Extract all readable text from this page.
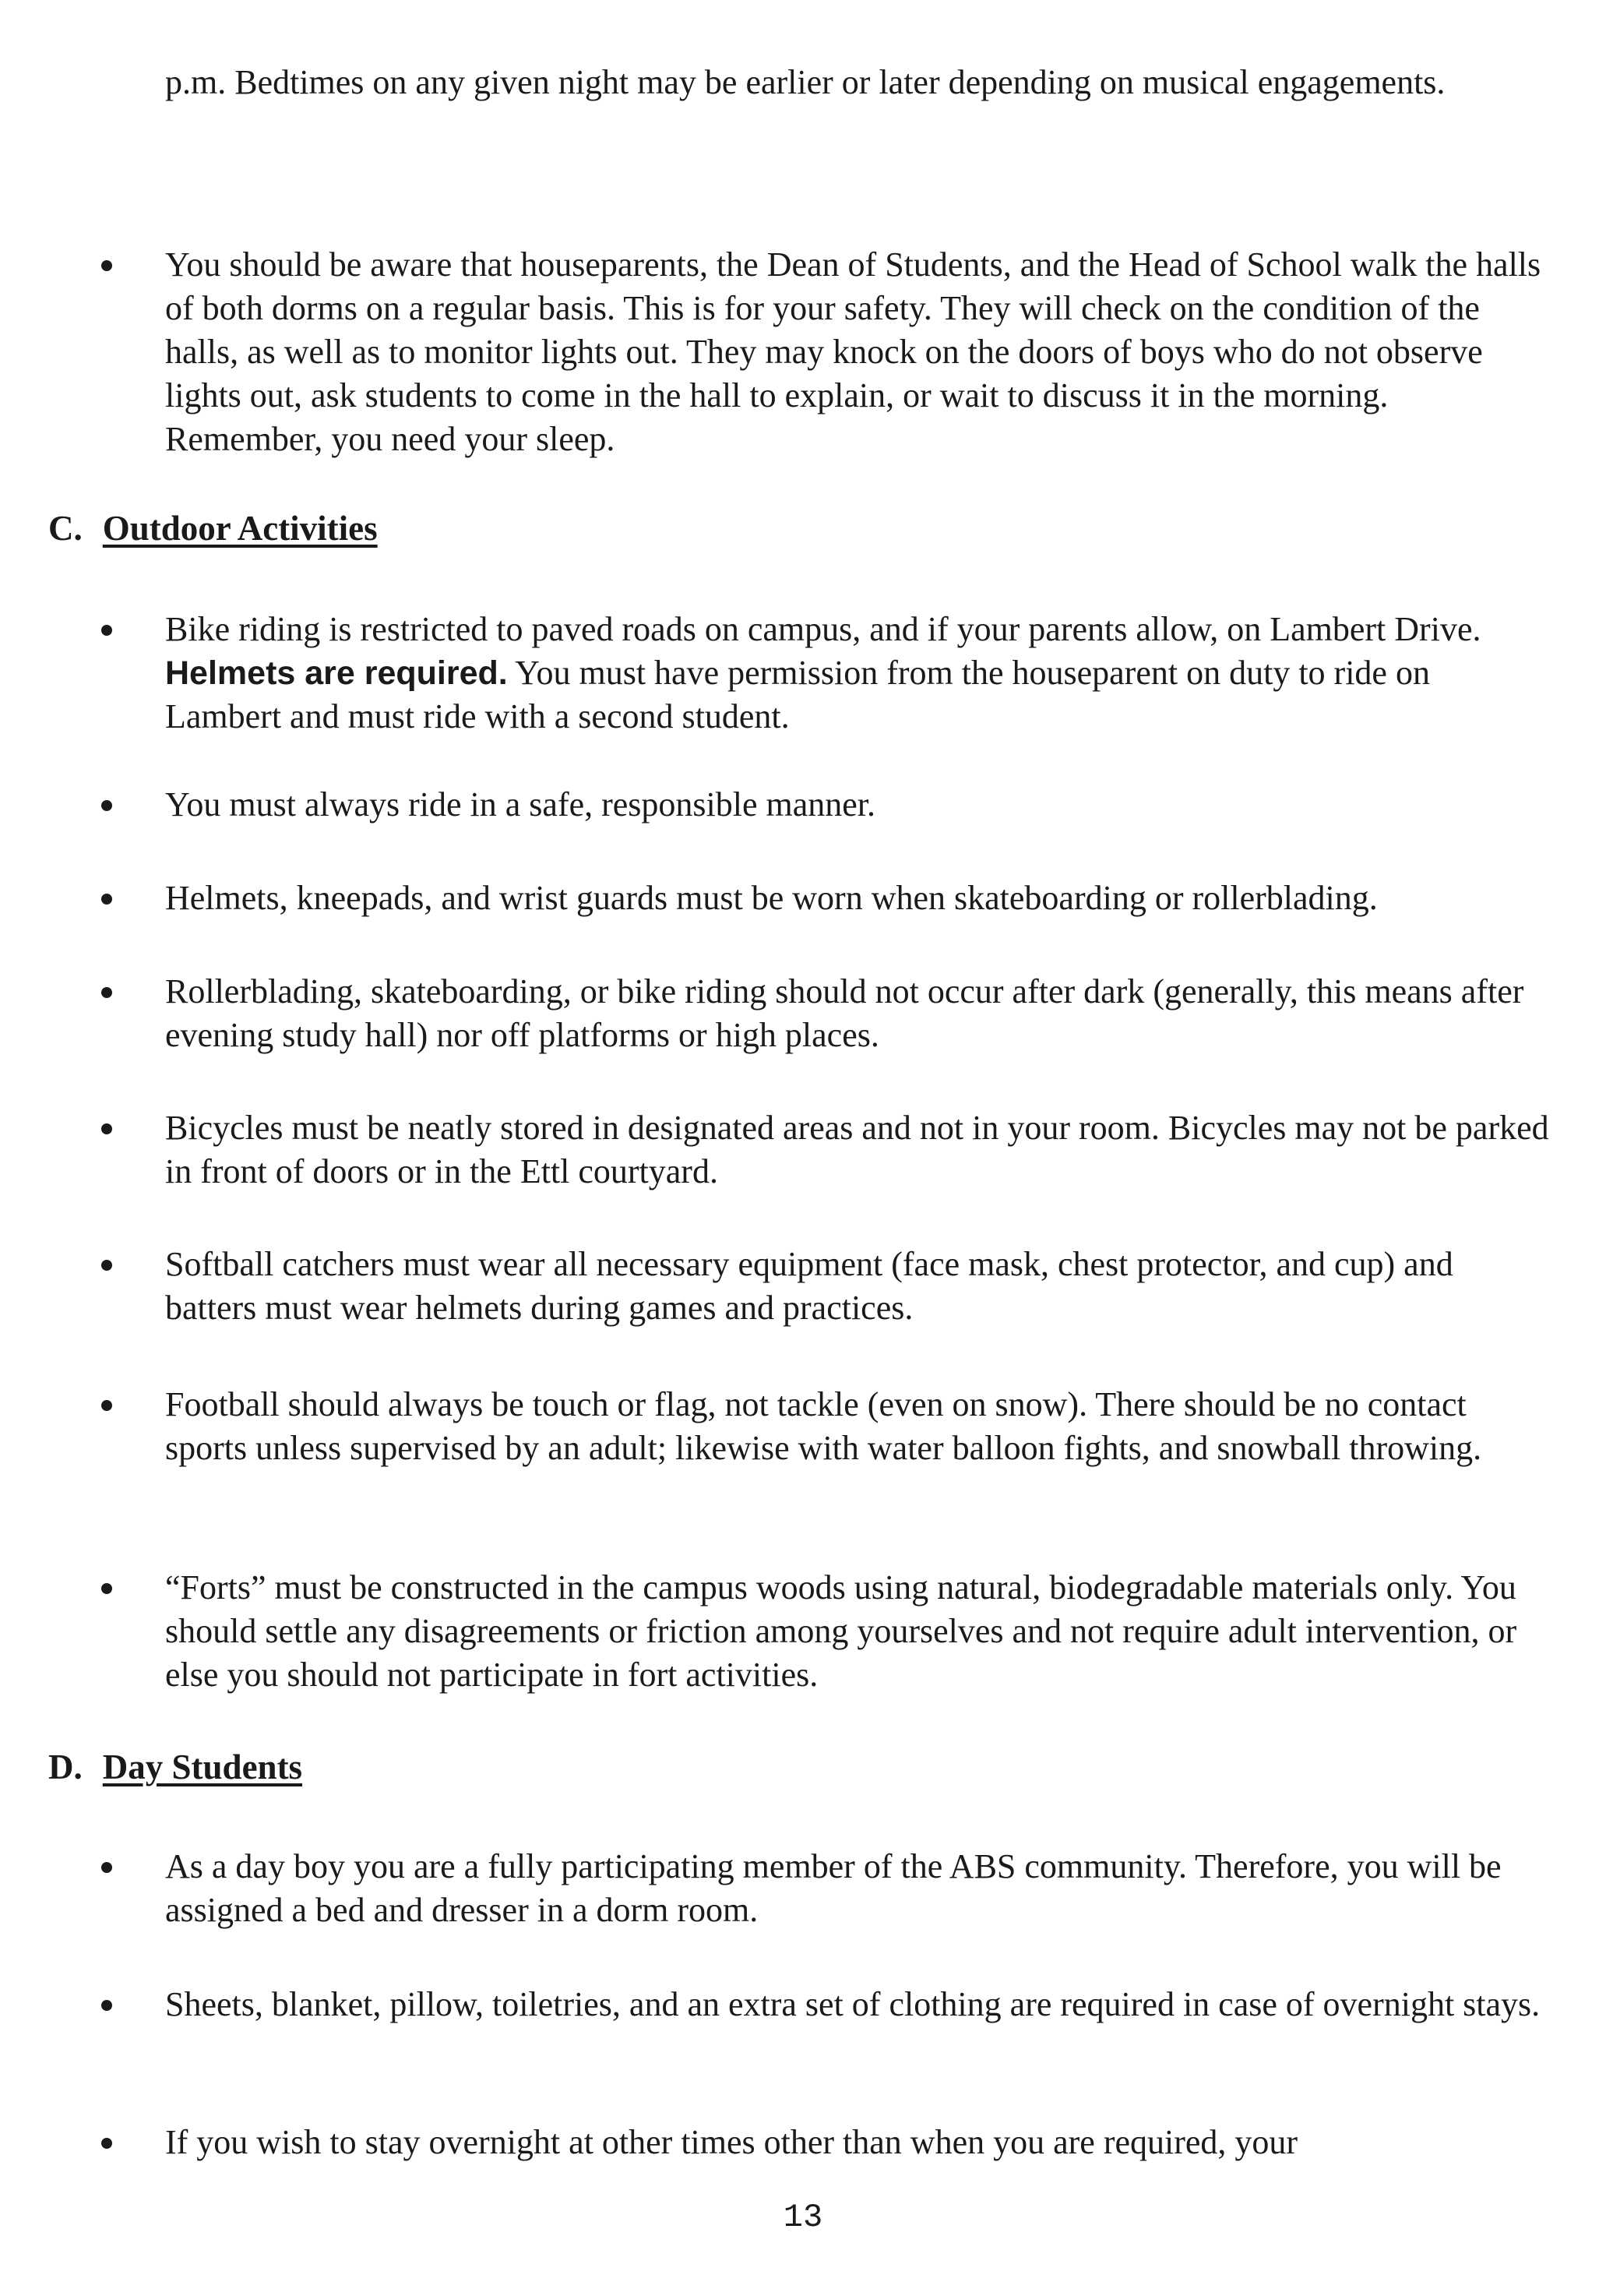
p.m. Bedtimes on any given night may be earlier or later depending on musical engagements.

You should be aware that houseparents, the Dean of Students, and the Head of School walk the halls of both dorms on a regular basis. This is for your safety. They will check on the condition of the halls, as well as to monitor lights out. They may knock on the doors of boys who do not observe lights out, ask students to come in the hall to explain, or wait to discuss it in the morning. Remember, you need your sleep.

C. Outdoor Activities

Bike riding is restricted to paved roads on campus, and if your parents allow, on Lambert Drive. Helmets are required. You must have permission from the houseparent on duty to ride on Lambert and must ride with a second student.

You must always ride in a safe, responsible manner.

Helmets, kneepads, and wrist guards must be worn when skateboarding or rollerblading.

Rollerblading, skateboarding, or bike riding should not occur after dark (generally, this means after evening study hall) nor off platforms or high places.

Bicycles must be neatly stored in designated areas and not in your room. Bicycles may not be parked in front of doors or in the Ettl courtyard.

Softball catchers must wear all necessary equipment (face mask, chest protector, and cup) and batters must wear helmets during games and practices.

Football should always be touch or flag, not tackle (even on snow). There should be no contact sports unless supervised by an adult; likewise with water balloon fights, and snowball throwing.

“Forts” must be constructed in the campus woods using natural, biodegradable materials only. You should settle any disagreements or friction among yourselves and not require adult intervention, or else you should not participate in fort activities.

D. Day Students

As a day boy you are a fully participating member of the ABS community. Therefore, you will be assigned a bed and dresser in a dorm room.

Sheets, blanket, pillow, toiletries, and an extra set of clothing are required in case of overnight stays.

If you wish to stay overnight at other times other than when you are required, your

13
